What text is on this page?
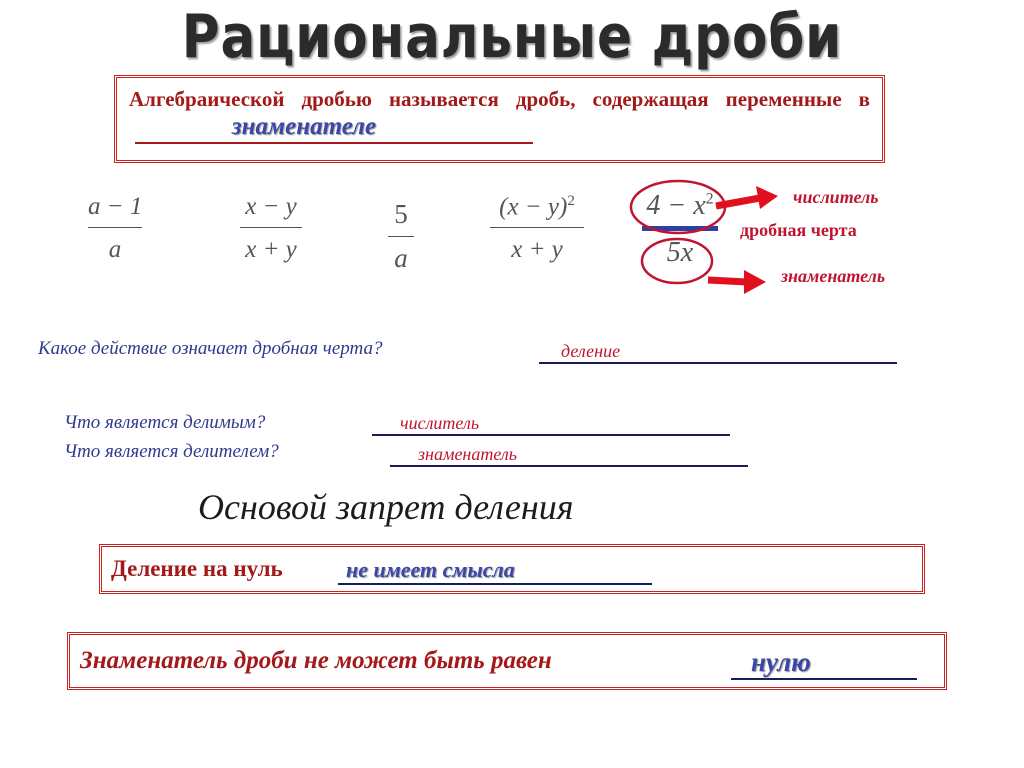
Рациональные дроби
Алгебраической дробью называется дробь, содержащая переменные в
знаменателе
a − 1
a
x − y
x + y
5
a
$(x - y)^2$
x + y
$4 - x^2$
5x
числитель
дробная черта
знаменатель
Какое действие означает дробная черта?	деление
Что является делимым?	числитель
Что является делителем?	знаменатель
Основой запрет деления
Деление на нуль	не имеет смысла
Знаменатель дроби не может быть равен	нулю
